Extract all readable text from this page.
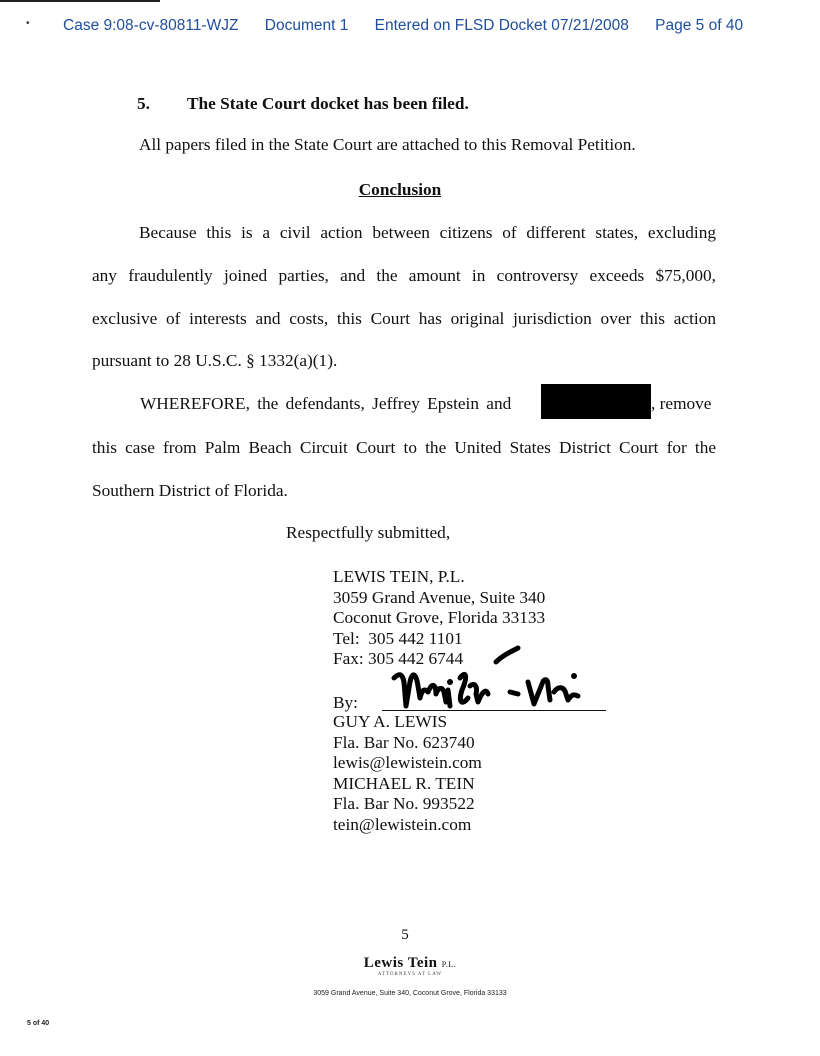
• Case 9:08-cv-80811-WJZ Document 1 Entered on FLSD Docket 07/21/2008 Page 5 of 40
5. The State Court docket has been filed.
All papers filed in the State Court are attached to this Removal Petition.
Conclusion
Because this is a civil action between citizens of different states, excluding
any fraudulently joined parties, and the amount in controversy exceeds $75,000,
exclusive of interests and costs, this Court has original jurisdiction over this action
pursuant to 28 U.S.C. § 1332(a)(1).
WHEREFORE, the defendants, Jeffrey Epstein and	, remove
this case from Palm Beach Circuit Court to the United States District Court for the
Southern District of Florida.
Respectfully submitted,
LEWIS TEIN, P.L.
3059 Grand Avenue, Suite 340
Coconut Grove, Florida 33133
Tel:  305 442 1101
Fax: 305 442 6744
By:
GUY A. LEWIS
Fla. Bar No. 623740
lewis@lewistein.com
MICHAEL R. TEIN
Fla. Bar No. 993522
tein@lewistein.com
5
Lewis Tein P.L.
ATTORNEYS AT LAW
3059 Grand Avenue, Suite 340, Coconut Grove, Florida 33133
5 of 40
